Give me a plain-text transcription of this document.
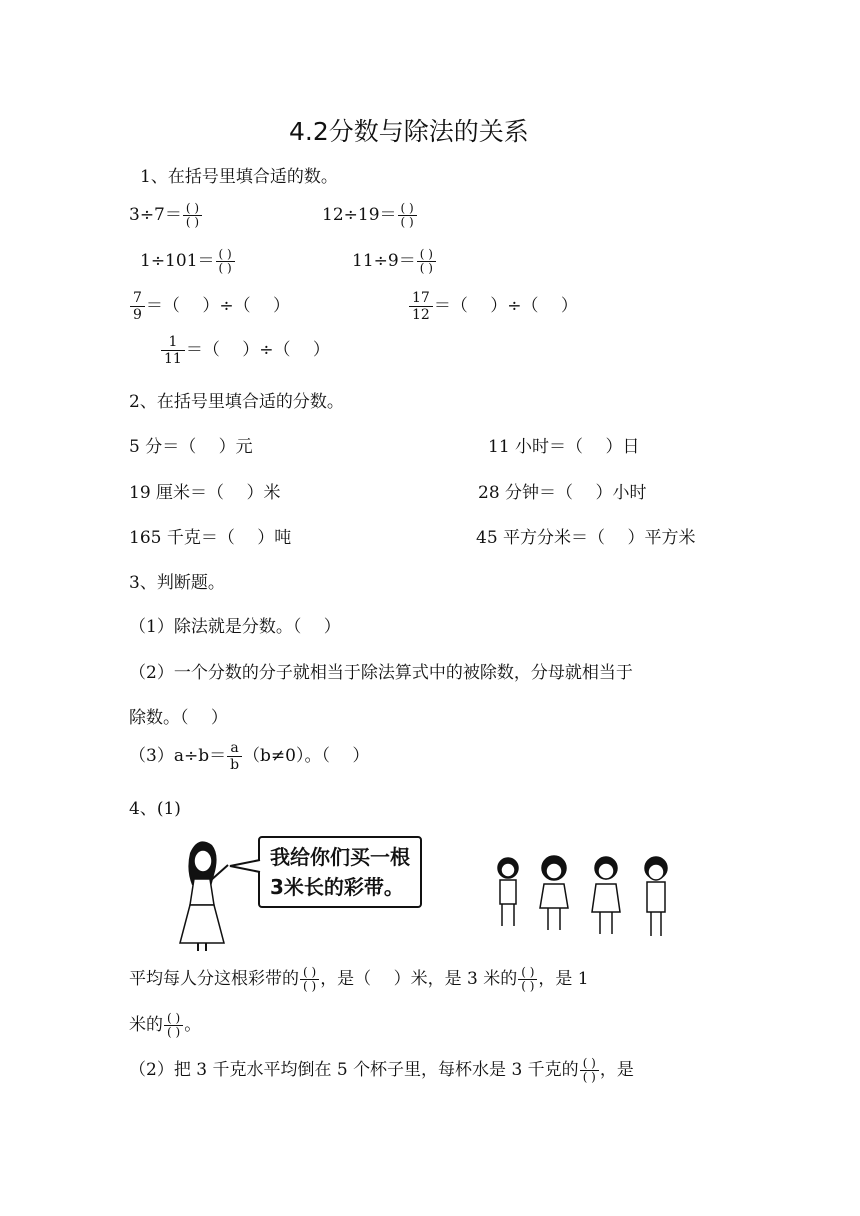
4.2分数与除法的关系
1、在括号里填合适的数。
$3\div 7= \frac{( )}{( )}$	$12\div 19= \frac{( )}{( )}$
$1\div 101= \frac{( )}{( )}$	$11\div 9= \frac{( )}{( )}$
$\frac{7}{9}$ ＝（　 ）÷（　 ）	$\frac{17}{12}$ ＝（　 ）÷（　 ）
$\frac{1}{11}$ ＝（　 ）÷（　 ）
2、在括号里填合适的分数。
5 分＝（　 ）元	11 小时＝（　 ）日
19 厘米＝（　 ）米	28 分钟＝（　 ）小时
165 千克＝（　 ）吨	45 平方分米＝（　 ）平方米
3、判断题。
（1）除法就是分数。（　 ）
（2）一个分数的分子就相当于除法算式中的被除数，分母就相当于
除数。（　 ）
$(3)a\div b= \frac{a}{b} (b\ne 0)$。（　 ）
4、(1)
我给你们买一根
3米长的彩带。
平均每人分这根彩带的 $\frac{( )}{( )}$ ，是（　 ）米，是 3 米的 $\frac{( )}{( )}$ ，是 1
米的 $\frac{( )}{( )}$ 。
（2）把 3 千克水平均倒在 5 个杯子里，每杯水是 3 千克的 $\frac{( )}{( )}$ ，是
